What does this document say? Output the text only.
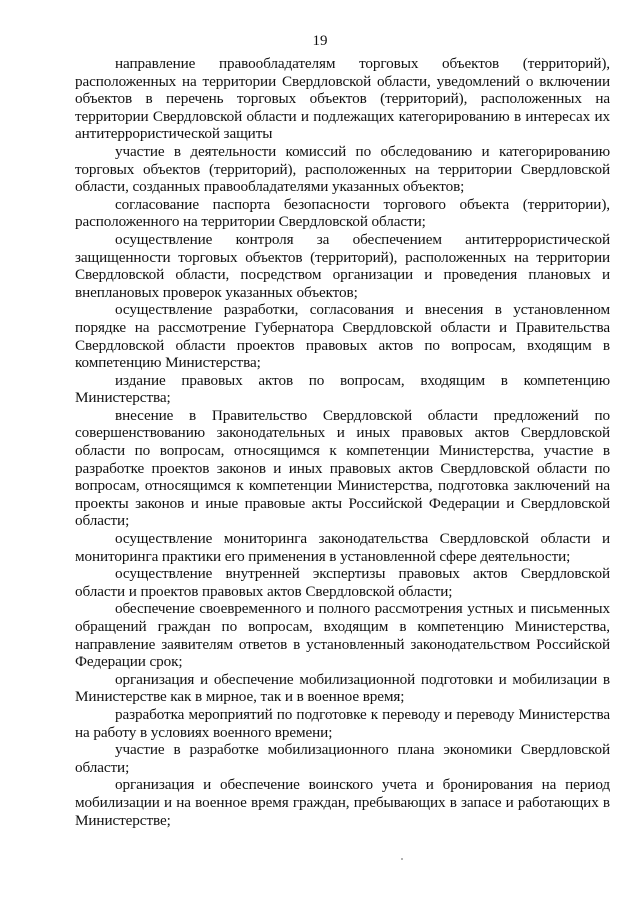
19

направление правообладателям торговых объектов (территорий), расположенных на территории Свердловской области, уведомлений о включении объектов в перечень торговых объектов (территорий), расположенных на территории Свердловской области и подлежащих категорированию в интересах их антитеррористической защиты

участие в деятельности комиссий по обследованию и категорированию торговых объектов (территорий), расположенных на территории Свердловской области, созданных правообладателями указанных объектов;

согласование паспорта безопасности торгового объекта (территории), расположенного на территории Свердловской области;

осуществление контроля за обеспечением антитеррористической защищенности торговых объектов (территорий), расположенных на территории Свердловской области, посредством организации и проведения плановых и внеплановых проверок указанных объектов;

осуществление разработки, согласования и внесения в установленном порядке на рассмотрение Губернатора Свердловской области и Правительства Свердловской области проектов правовых актов по вопросам, входящим в компетенцию Министерства;

издание правовых актов по вопросам, входящим в компетенцию Министерства;

внесение в Правительство Свердловской области предложений по совершенствованию законодательных и иных правовых актов Свердловской области по вопросам, относящимся к компетенции Министерства, участие в разработке проектов законов и иных правовых актов Свердловской области по вопросам, относящимся к компетенции Министерства, подготовка заключений на проекты законов и иные правовые акты Российской Федерации и Свердловской области;

осуществление мониторинга законодательства Свердловской области и мониторинга практики его применения в установленной сфере деятельности;

осуществление внутренней экспертизы правовых актов Свердловской области и проектов правовых актов Свердловской области;

обеспечение своевременного и полного рассмотрения устных и письменных обращений граждан по вопросам, входящим в компетенцию Министерства, направление заявителям ответов в установленный законодательством Российской Федерации срок;

организация и обеспечение мобилизационной подготовки и мобилизации в Министерстве как в мирное, так и в военное время;

разработка мероприятий по подготовке к переводу и переводу Министерства на работу в условиях военного времени;

участие в разработке мобилизационного плана экономики Свердловской области;

организация и обеспечение воинского учета и бронирования на период мобилизации и на военное время граждан, пребывающих в запасе и работающих в Министерстве;
